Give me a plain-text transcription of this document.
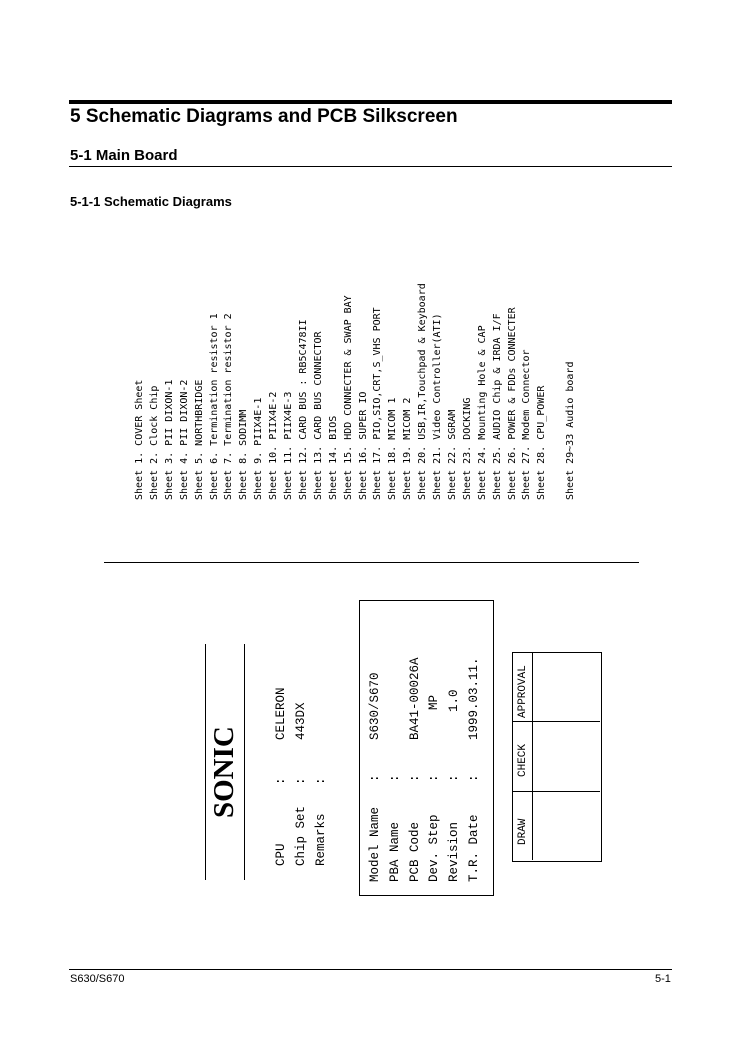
5 Schematic Diagrams and PCB Silkscreen
5-1 Main Board
5-1-1 Schematic Diagrams
Sheet 1. COVER Sheet Sheet 2. Clock Chip Sheet 3. PII DIXON-1 Sheet 4. PII DIXON-2 Sheet 5. NORTHBRIDGE Sheet 6. Termination resistor 1 Sheet 7. Termination resistor 2 Sheet 8. SODIMM Sheet 9. PIIX4E-1 Sheet 10. PIIX4E-2 Sheet 11. PIIX4E-3 Sheet 12. CARD BUS : RB5C478II Sheet 13. CARD BUS CONNECTOR Sheet 14. BIOS Sheet 15. HDD CONNECTER & SWAP BAY Sheet 16. SUPER IO Sheet 17. PIO,SIO,CRT,S_VHS PORT Sheet 18. MICOM 1 Sheet 19. MICOM 2 Sheet 20. USB,IR,Touchpad & Keyboard Sheet 21. Video Controller(ATI) Sheet 22. SGRAM Sheet 23. DOCKING Sheet 24. Mounting Hole & CAP Sheet 25. AUDIO Chip & IRDA I/F Sheet 26. POWER & FDDs CONNECTER Sheet 27. Modem Connector Sheet 28. CPU_POWER Sheet 29~33 Audio board
SONIC
CPU
:
CELERON
Chip Set
:
443DX
Remarks
:
Model Name
:
S630/S670
PBA Name
:
PCB Code
:
BA41-00026A
Dev. Step
:
MP
Revision
:
1.0
T.R. Date
:
1999.03.11.
DRAW
CHECK
APPROVAL
S630/S670	5-1
